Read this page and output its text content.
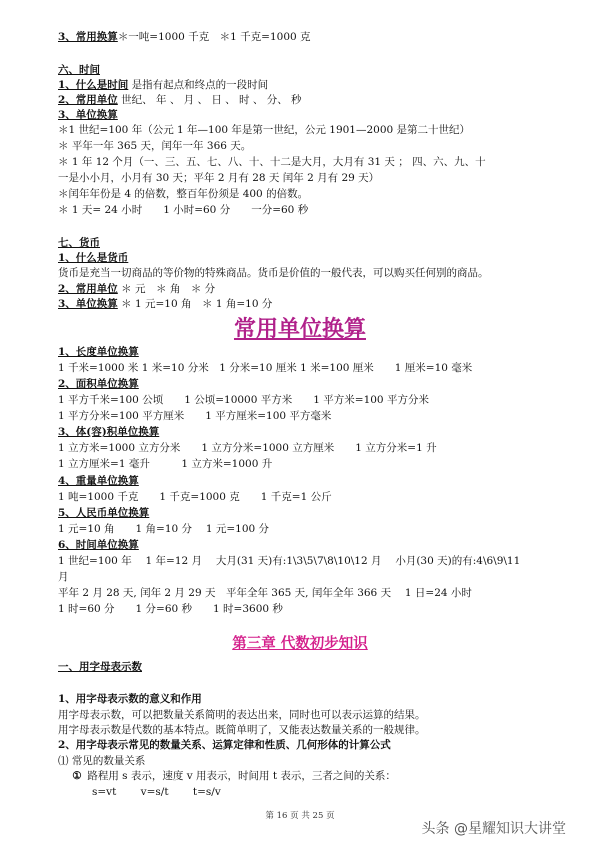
3、常用换算＊一吨=1000 千克　＊1 千克=1000 克
六、时间
1、什么是时间 是指有起点和终点的一段时间
2、常用单位 世纪、 年 、 月 、 日 、 时 、 分、 秒
3、单位换算
＊1 世纪=100 年（公元 1 年—100 年是第一世纪，公元 1901—2000 是第二十世纪）
＊ 平年一年 365 天，闰年一年 366 天。
＊ 1 年 12 个月（一、三、五、七、八、十、十二是大月，大月有 31 天 ； 四、六、九、十
一是小小月，小月有 30 天；平年 2 月有 28 天 闰年 2 月有 29 天）
＊闰年年份是 4 的倍数，整百年份须是 400 的倍数。
＊ 1 天= 24 小时　　1 小时=60 分　　一分=60 秒
七、货币
1、什么是货币
货币是充当一切商品的等价物的特殊商品。货币是价值的一般代表，可以购买任何别的商品。
2、常用单位 ＊ 元　＊ 角　＊ 分
3、单位换算 ＊ 1 元=10 角　＊ 1 角=10 分
常用单位换算
1、长度单位换算
1 千米=1000 米 1 米=10 分米　1 分米=10 厘米 1 米=100 厘米　　1 厘米=10 毫米
2、面积单位换算
1 平方千米=100 公顷　　1 公顷=10000 平方米　　1 平方米=100 平方分米
1 平方分米=100 平方厘米　　1 平方厘米=100 平方毫米
3、体(容)积单位换算
1 立方米=1000 立方分米　　1 立方分米=1000 立方厘米　　1 立方分米=1 升
1 立方厘米=1 毫升　　　1 立方米=1000 升
4、重量单位换算
1 吨=1000 千克　　1 千克=1000 克　　1 千克=1 公斤
5、人民币单位换算
1 元=10 角　　1 角=10 分　 1 元=100 分
6、时间单位换算
1 世纪=100 年　 1 年=12 月　 大月(31 天)有:1\3\5\7\8\10\12 月　 小月(30 天)的有:4\6\9\11
月
平年 2 月 28 天, 闰年 2 月 29 天　平年全年 365 天, 闰年全年 366 天　 1 日=24 小时
1 时=60 分　　1 分=60 秒　　1 时=3600 秒
第三章 代数初步知识
一、用字母表示数
1、用字母表示数的意义和作用
用字母表示数，可以把数量关系简明的表达出来，同时也可以表示运算的结果。
用字母表示数是代数的基本特点。既简单明了，又能表达数量关系的一般规律。
2、用字母表示常见的数量关系、运算定律和性质、几何形体的计算公式
⑴ 常见的数量关系
① 路程用 s 表示，速度 v 用表示，时间用 t 表示，三者之间的关系：
s=vt　　 v=s/t　　 t=s/v
第 16 页 共 25 页
头条 @星耀知识大讲堂
